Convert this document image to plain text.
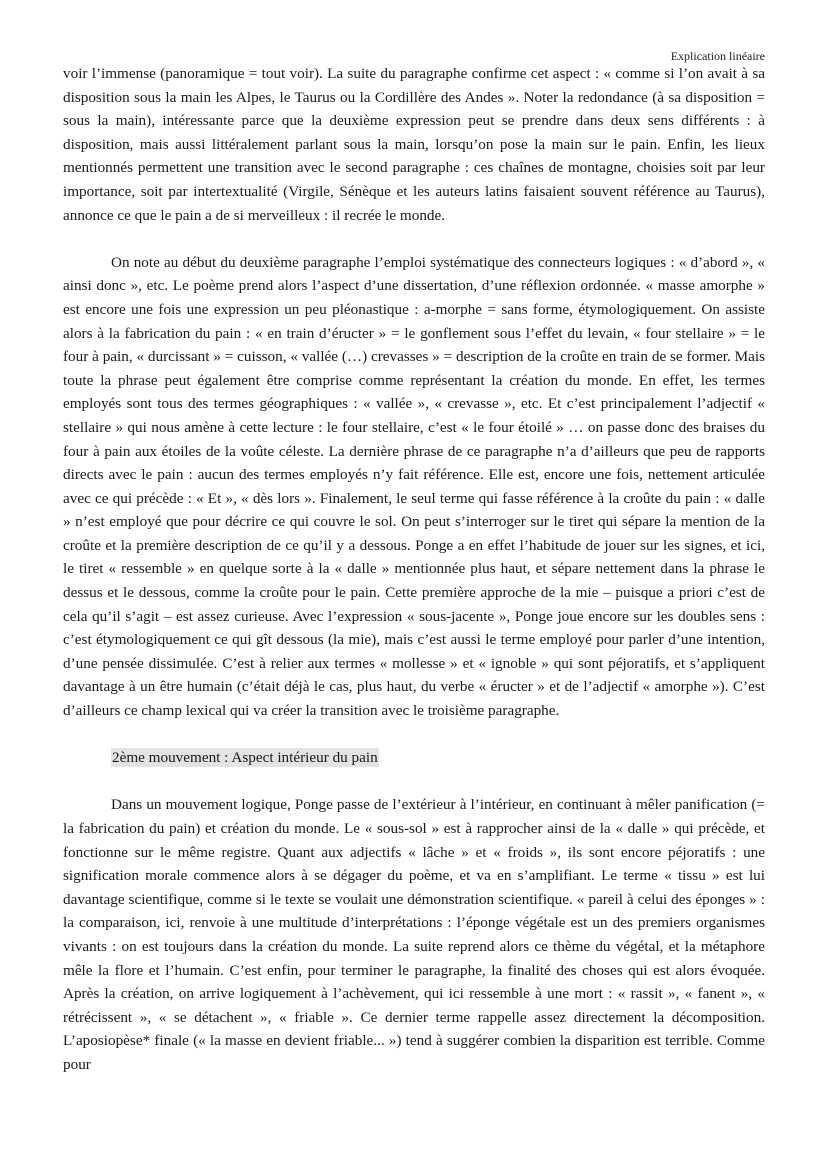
Explication linéaire

voir l’immense (panoramique = tout voir). La suite du paragraphe confirme cet aspect : « comme si l’on avait à sa disposition sous la main les Alpes, le Taurus ou la Cordillère des Andes ». Noter la redondance (à sa disposition = sous la main), intéressante parce que la deuxième expression peut se prendre dans deux sens différents : à disposition, mais aussi littéralement parlant sous la main, lorsqu’on pose la main sur le pain. Enfin, les lieux mentionnés permettent une transition avec le second paragraphe : ces chaînes de montagne, choisies soit par leur importance, soit par intertextualité (Virgile, Sénèque et les auteurs latins faisaient souvent référence au Taurus), annonce ce que le pain a de si merveilleux : il recrée le monde.

On note au début du deuxième paragraphe l’emploi systématique des connecteurs logiques : « d’abord », « ainsi donc », etc. Le poème prend alors l’aspect d’une dissertation, d’une réflexion ordonnée. « masse amorphe » est encore une fois une expression un peu pléonastique : a-morphe = sans forme, étymologiquement. On assiste alors à la fabrication du pain : « en train d’éructer » = le gonflement sous l’effet du levain, « four stellaire » = le four à pain, « durcissant » = cuisson, « vallée (…) crevasses » = description de la croûte en train de se former. Mais toute la phrase peut également être comprise comme représentant la création du monde. En effet, les termes employés sont tous des termes géographiques : « vallée », « crevasse », etc. Et c’est principalement l’adjectif « stellaire » qui nous amène à cette lecture : le four stellaire, c’est « le four étoilé » … on passe donc des braises du four à pain aux étoiles de la voûte céleste. La dernière phrase de ce paragraphe n’a d’ailleurs que peu de rapports directs avec le pain : aucun des termes employés n’y fait référence. Elle est, encore une fois, nettement articulée avec ce qui précède : « Et », « dès lors ». Finalement, le seul terme qui fasse référence à la croûte du pain : « dalle » n’est employé que pour décrire ce qui couvre le sol. On peut s’interroger sur le tiret qui sépare la mention de la croûte et la première description de ce qu’il y a dessous. Ponge a en effet l’habitude de jouer sur les signes, et ici, le tiret « ressemble » en quelque sorte à la « dalle » mentionnée plus haut, et sépare nettement dans la phrase le dessus et le dessous, comme la croûte pour le pain. Cette première approche de la mie – puisque a priori c’est de cela qu’il s’agit – est assez curieuse. Avec l’expression « sous-jacente », Ponge joue encore sur les doubles sens : c’est étymologiquement ce qui gît dessous (la mie), mais c’est aussi le terme employé pour parler d’une intention, d’une pensée dissimulée. C’est à relier aux termes « mollesse » et « ignoble » qui sont péjoratifs, et s’appliquent davantage à un être humain (c’était déjà le cas, plus haut, du verbe « éructer » et de l’adjectif « amorphe »). C’est d’ailleurs ce champ lexical qui va créer la transition avec le troisième paragraphe.

2ème mouvement : Aspect intérieur du pain

Dans un mouvement logique, Ponge passe de l’extérieur à l’intérieur, en continuant à mêler panification (= la fabrication du pain) et création du monde. Le « sous-sol » est à rapprocher ainsi de la « dalle » qui précède, et fonctionne sur le même registre. Quant aux adjectifs « lâche » et « froids », ils sont encore péjoratifs : une signification morale commence alors à se dégager du poème, et va en s’amplifiant. Le terme « tissu » est lui davantage scientifique, comme si le texte se voulait une démonstration scientifique. « pareil à celui des éponges » : la comparaison, ici, renvoie à une multitude d’interprétations : l’éponge végétale est un des premiers organismes vivants : on est toujours dans la création du monde. La suite reprend alors ce thème du végétal, et la métaphore mêle la flore et l’humain. C’est enfin, pour terminer le paragraphe, la finalité des choses qui est alors évoquée. Après la création, on arrive logiquement à l’achèvement, qui ici ressemble à une mort : « rassit », « fanent », « rétrécissent », « se détachent », « friable ». Ce dernier terme rappelle assez directement la décomposition. L’aposiopèse* finale (« la masse en devient friable... ») tend à suggérer combien la disparition est terrible. Comme pour
